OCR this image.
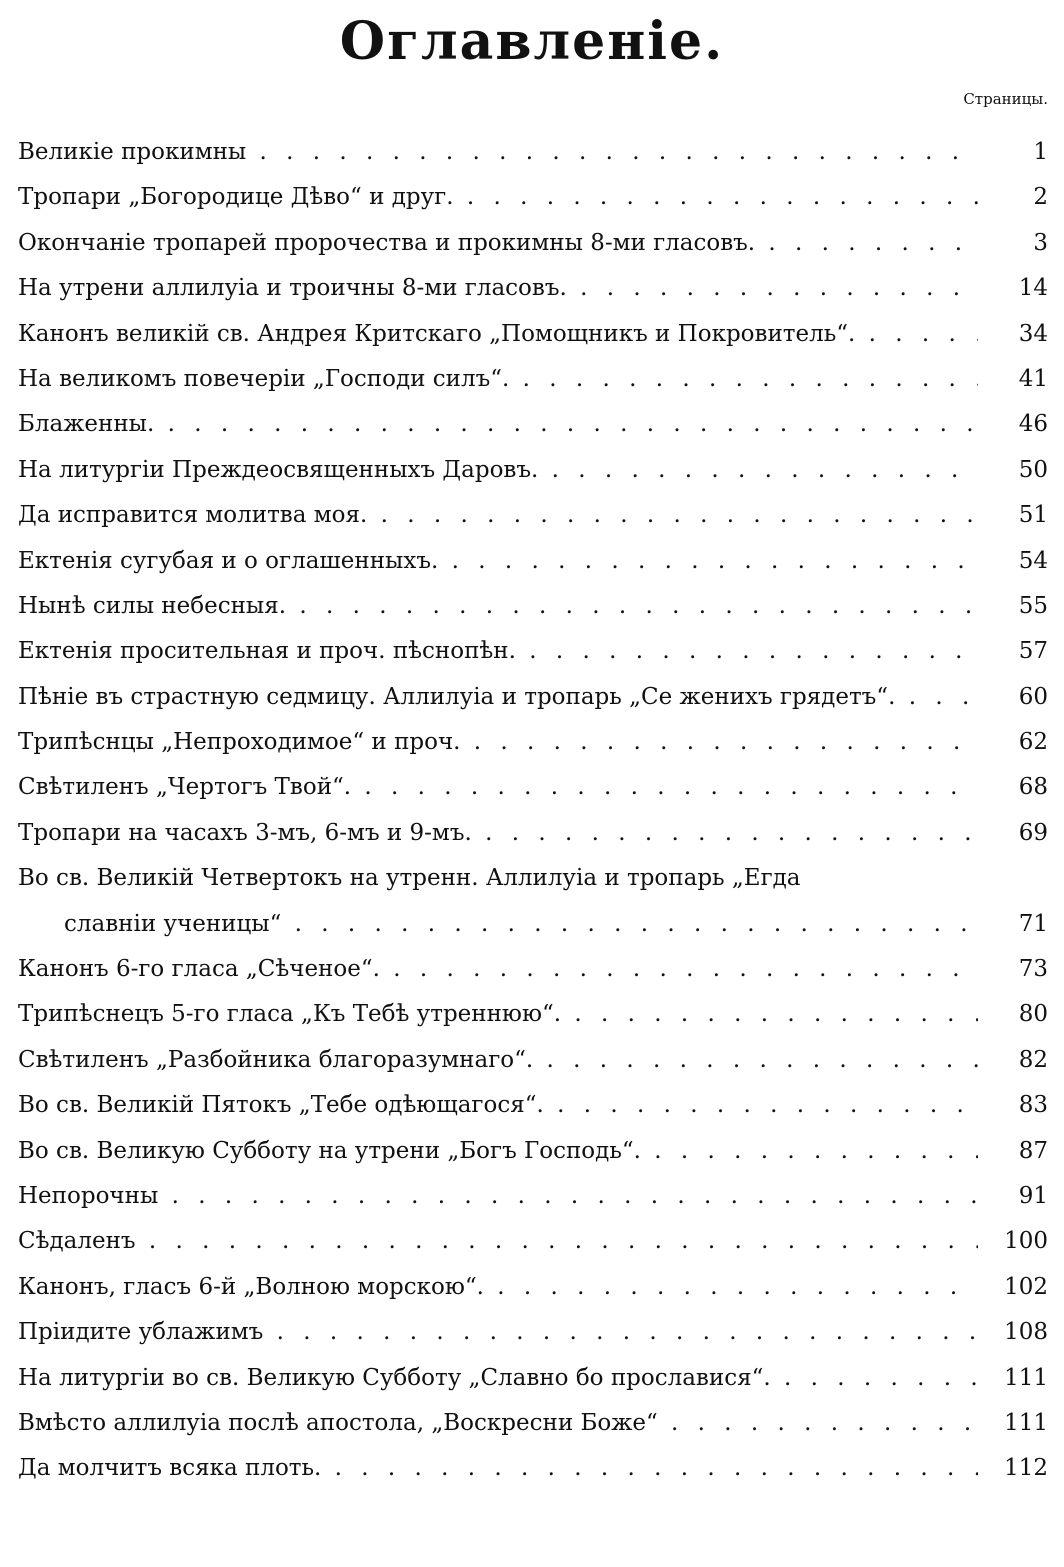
Оглавленіе.
Страницы.
Великіе прокимны . .	1
Тропари „Богородице Дѣво“ и друг. . .	2
Окончаніе тропарей пророчества и прокимны 8-ми гласовъ. . .	3
На утрени аллилуіа и троичны 8-ми гласовъ. . .	14
Канонъ великій св. Андрея Критскаго „Помощникъ и Покровитель“. . .	34
На великомъ повечеріи „Господи силъ“. . .	41
Блаженны. . .	46
На литургіи Преждеосвященныхъ Даровъ. . .	50
Да исправится молитва моя. . .	51
Ектенія сугубая и о оглашенныхъ. . .	54
Нынѣ силы небесныя. . .	55
Ектенія просительная и проч. пѣснопѣн. . .	57
Пѣніе въ страстную седмицу. Аллилуіа и тропарь „Се женихъ грядетъ“. . .	60
Трипѣснцы „Непроходимое“ и проч. . .	62
Свѣтиленъ „Чертогъ Твой“. . .	68
Тропари на часахъ 3-мъ, 6-мъ и 9-мъ. . .	69
Во св. Великій Четвертокъ на утренн. Аллилуіа и тропарь „Егда
славніи ученицы“ . .	71
Канонъ 6-го гласа „Сѣченое“. . .	73
Трипѣснецъ 5-го гласа „Къ Тебѣ утреннюю“. . .	80
Свѣтиленъ „Разбойника благоразумнаго“. . .	82
Во св. Великій Пятокъ „Тебе одѣющагося“. . .	83
Во св. Великую Субботу на утрени „Богъ Господь“. . .	87
Непорочны . .	91
Сѣдаленъ . .	100
Канонъ, гласъ 6-й „Волною морскою“. . .	102
Пріидите ублажимъ . .	108
На литургіи во св. Великую Субботу „Славно бо прославися“. . .	111
Вмѣсто аллилуіа послѣ апостола, „Воскресни Боже“ . .	111
Да молчитъ всяка плоть. . .	112
